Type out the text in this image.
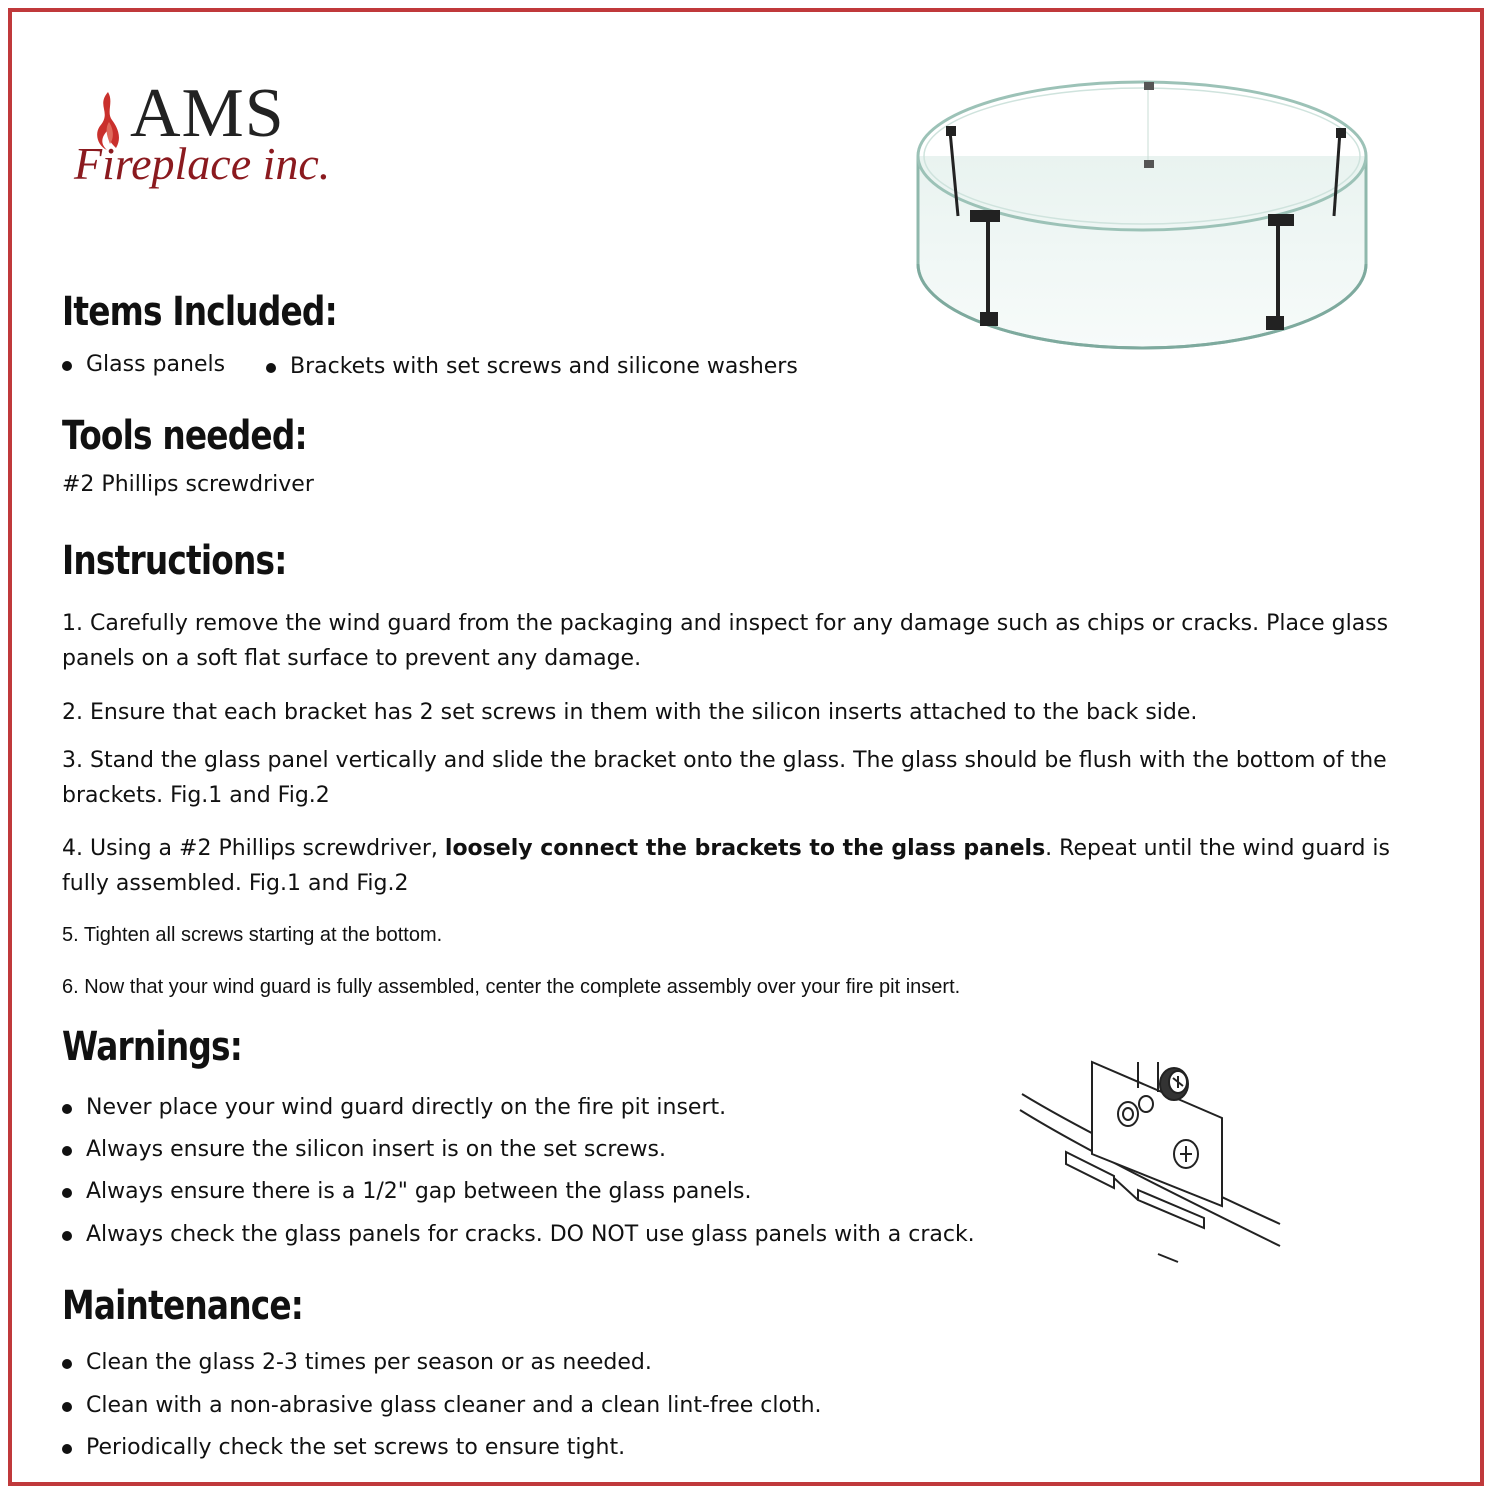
AMS
Fireplace inc.
Items Included:
Glass panels	Brackets with set screws and silicone washers
Tools needed:
#2 Phillips screwdriver
Instructions:

1. Carefully remove the wind guard from the packaging and inspect for any damage such as chips or cracks. Place glass panels on a soft flat surface to prevent any damage.

2. Ensure that each bracket has 2 set screws in them with the silicon inserts attached to the back side.

3. Stand the glass panel vertically and slide the bracket onto the glass. The glass should be flush with the bottom of the brackets. Fig.1 and Fig.2

4. Using a #2 Phillips screwdriver, loosely connect the brackets to the glass panels. Repeat until the wind guard is fully assembled. Fig.1 and Fig.2

5. Tighten all screws starting at the bottom.

6. Now that your wind guard is fully assembled, center the complete assembly over your fire pit insert.

Warnings:
Never place your wind guard directly on the fire pit insert.
Always ensure the silicon insert is on the set screws.
Always ensure there is a 1/2" gap between the glass panels.
Always check the glass panels for cracks. DO NOT use glass panels with a crack.
Maintenance:
Clean the glass 2-3 times per season or as needed.
Clean with a non-abrasive glass cleaner and a clean lint-free cloth.
Periodically check the set screws to ensure tight.
